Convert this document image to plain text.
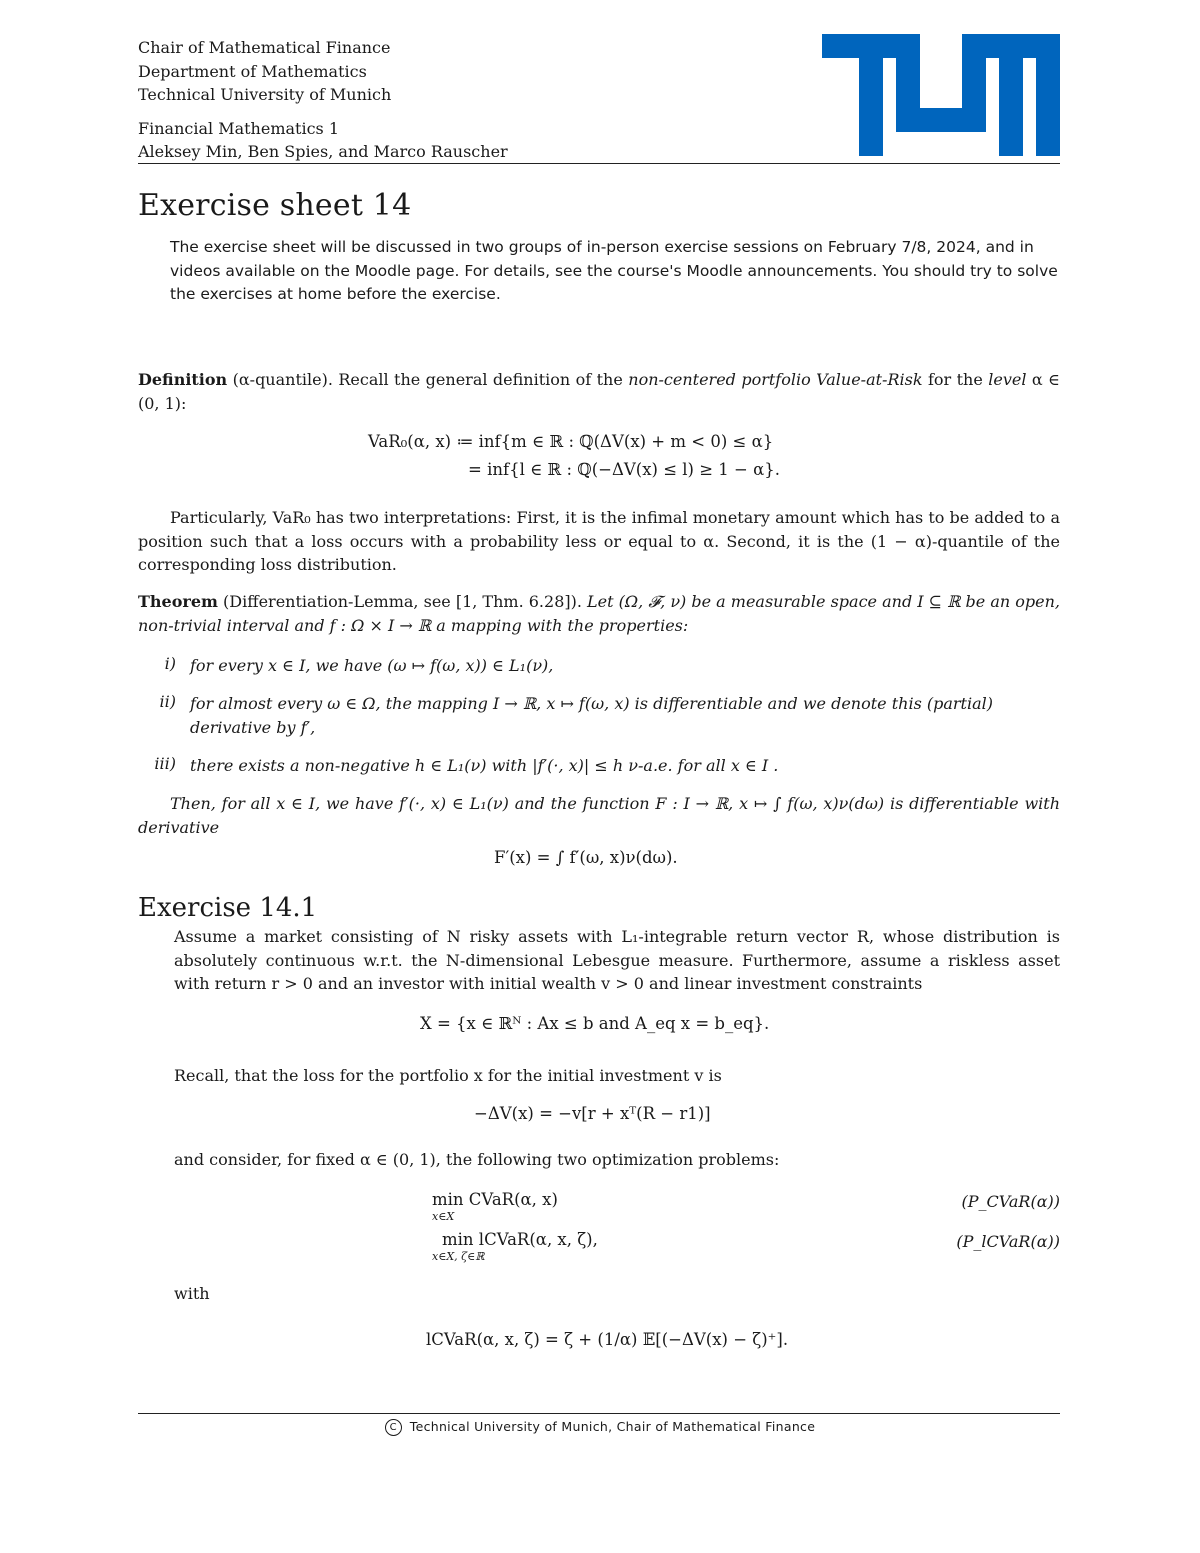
Chair of Mathematical Finance
Department of Mathematics
Technical University of Munich
Financial Mathematics 1
Aleksey Min, Ben Spies, and Marco Rauscher
Exercise sheet 14
The exercise sheet will be discussed in two groups of in-person exercise sessions on February 7/8, 2024, and in videos available on the Moodle page. For details, see the course's Moodle announcements. You should try to solve the exercises at home before the exercise.
Definition (α-quantile). Recall the general definition of the non-centered portfolio Value-at-Risk for the level α ∈ (0, 1):
VaR₀(α, x) ≔ inf{m ∈ ℝ : ℚ(ΔV(x) + m < 0) ≤ α}
= inf{l ∈ ℝ : ℚ(−ΔV(x) ≤ l) ≥ 1 − α}.
Particularly, VaR₀ has two interpretations: First, it is the infimal monetary amount which has to be added to a position such that a loss occurs with a probability less or equal to α. Second, it is the (1 − α)-quantile of the corresponding loss distribution.
Theorem (Differentiation-Lemma, see [1, Thm. 6.28]). Let (Ω, 𝓕, ν) be a measurable space and I ⊆ ℝ be an open, non-trivial interval and f : Ω × I → ℝ a mapping with the properties:
i) for every x ∈ I, we have (ω ↦ f(ω, x)) ∈ L₁(ν),
ii) for almost every ω ∈ Ω, the mapping I → ℝ, x ↦ f(ω, x) is differentiable and we denote this (partial) derivative by f′,
iii) there exists a non-negative h ∈ L₁(ν) with |f′(·, x)| ≤ h ν-a.e. for all x ∈ I .
Then, for all x ∈ I, we have f′(·, x) ∈ L₁(ν) and the function F : I → ℝ, x ↦ ∫ f(ω, x)ν(dω) is differentiable with derivative
F′(x) = ∫ f′(ω, x)ν(dω).
Exercise 14.1
Assume a market consisting of N risky assets with L₁-integrable return vector R, whose distribution is absolutely continuous w.r.t. the N-dimensional Lebesgue measure. Furthermore, assume a riskless asset with return r > 0 and an investor with initial wealth v > 0 and linear investment constraints
X = {x ∈ ℝᴺ : Ax ≤ b and A_eq x = b_eq}.
Recall, that the loss for the portfolio x for the initial investment v is
−ΔV(x) = −v[r + xᵀ(R − r1)]
and consider, for fixed α ∈ (0, 1), the following two optimization problems:
min CVaR(α, x)
x∈X
(P_CVaR(α))
min lCVaR(α, x, ζ),
x∈X, ζ∈ℝ
(P_lCVaR(α))
with
lCVaR(α, x, ζ) = ζ + (1/α) 𝔼[(−ΔV(x) − ζ)⁺].
C Technical University of Munich, Chair of Mathematical Finance
